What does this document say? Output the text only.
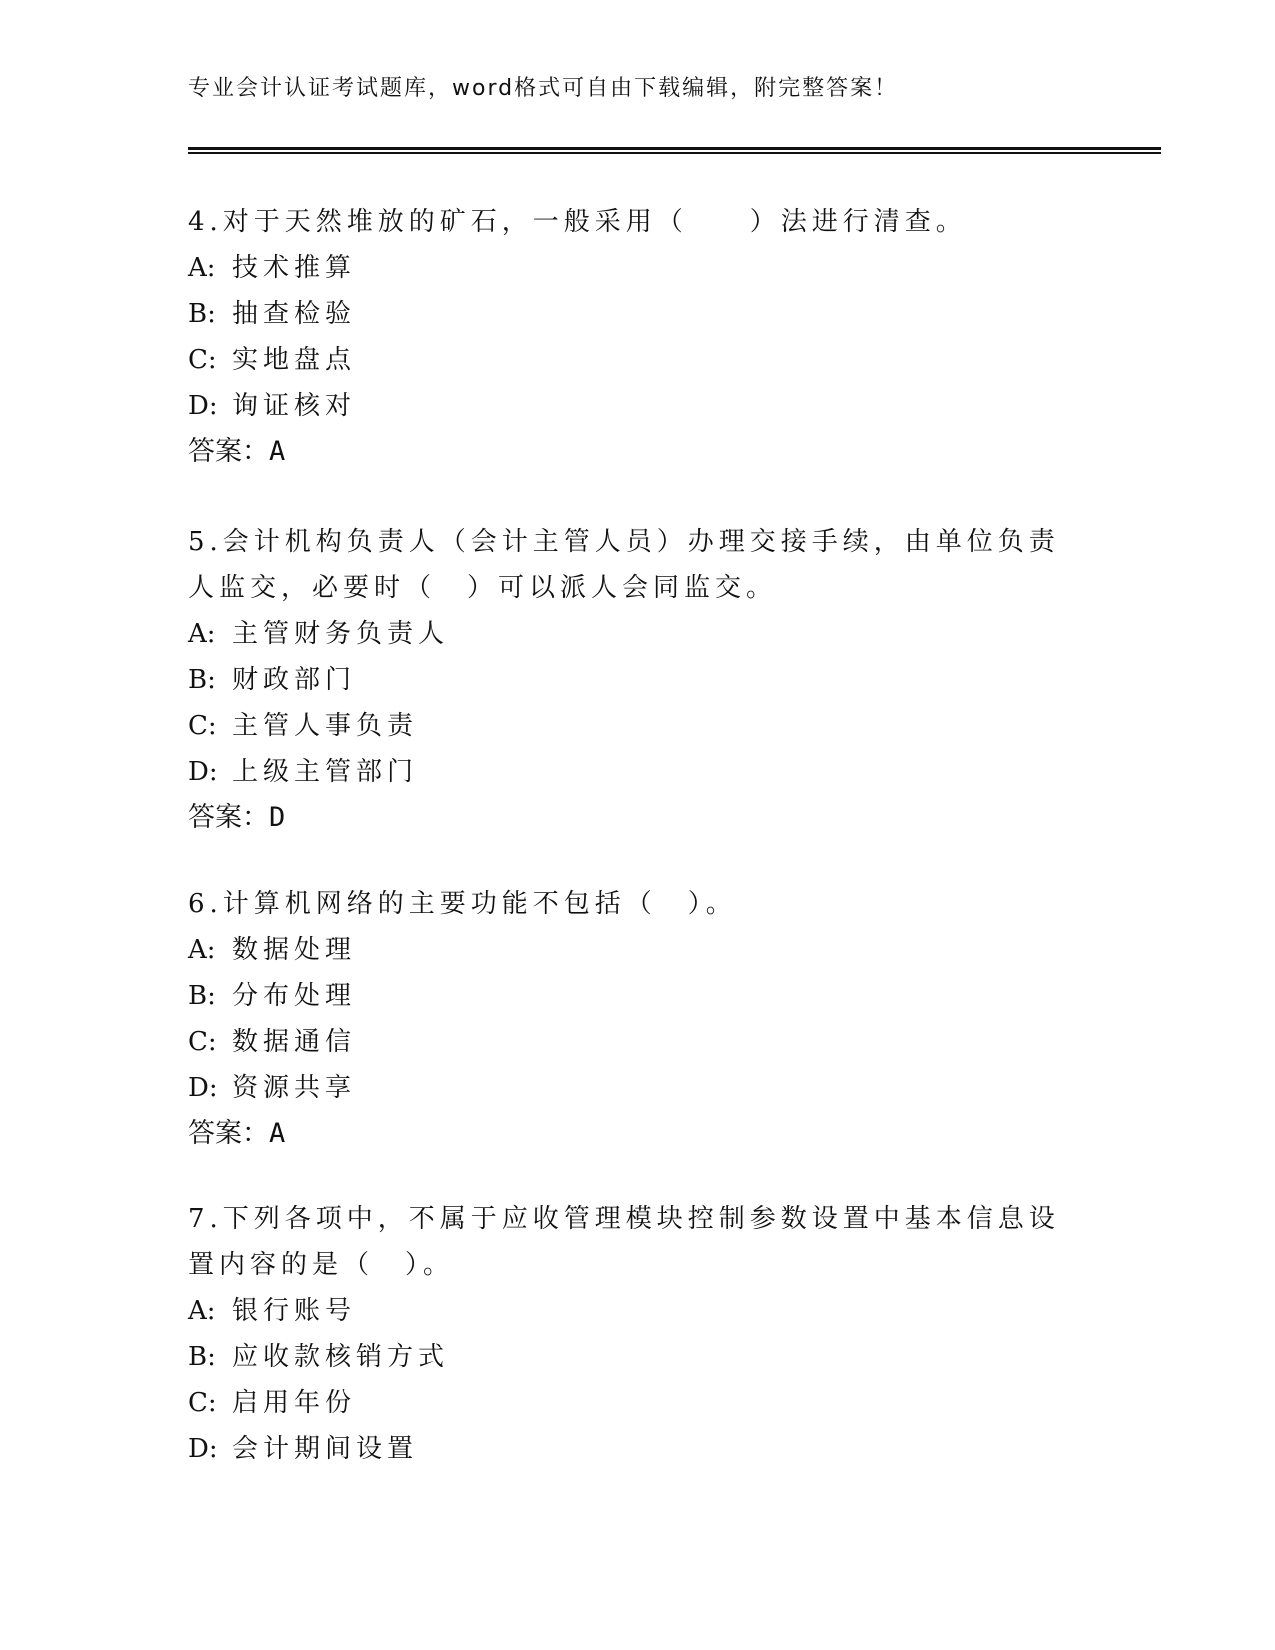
专业会计认证考试题库，word格式可自由下载编辑，附完整答案！

4.对于天然堆放的矿石，一般采用（　　）法进行清查。

A: 技术推算
B: 抽查检验
C: 实地盘点
D: 询证核对
答案：A

5.会计机构负责人（会计主管人员）办理交接手续，由单位负责人监交，必要时（　）可以派人会同监交。

A: 主管财务负责人
B: 财政部门
C: 主管人事负责
D: 上级主管部门
答案：D

6.计算机网络的主要功能不包括（　）。

A: 数据处理
B: 分布处理
C: 数据通信
D: 资源共享
答案：A

7.下列各项中，不属于应收管理模块控制参数设置中基本信息设置内容的是（　）。

A: 银行账号
B: 应收款核销方式
C: 启用年份
D: 会计期间设置
